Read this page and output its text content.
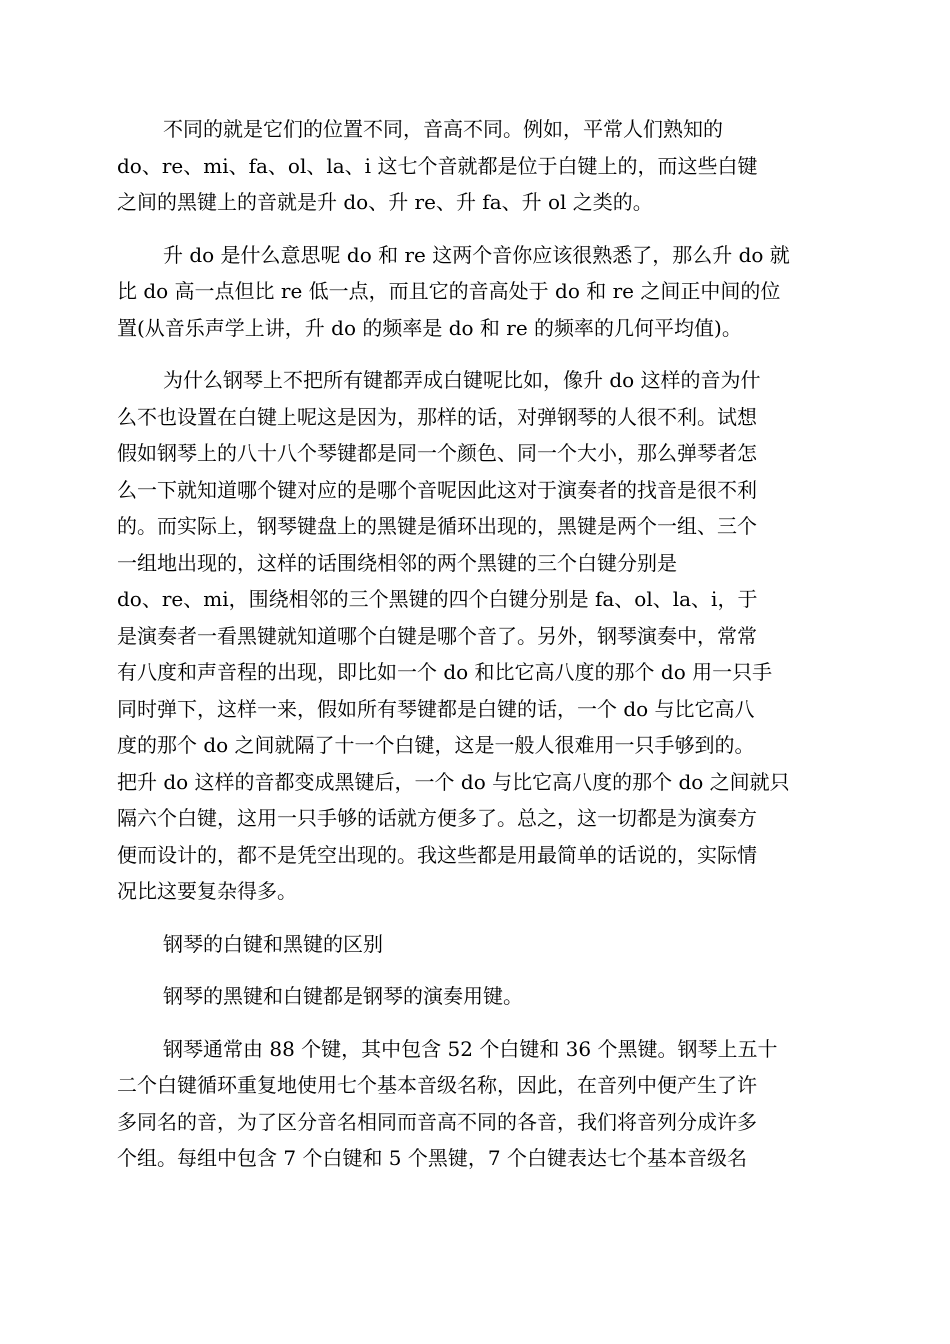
不同的就是它们的位置不同，音高不同。例如，平常人们熟知的
do、re、mi、fa、ol、la、i 这七个音就都是位于白键上的，而这些白键
之间的黑键上的音就是升 do、升 re、升 fa、升 ol 之类的。
升 do 是什么意思呢 do 和 re 这两个音你应该很熟悉了，那么升 do 就
比 do 高一点但比 re 低一点，而且它的音高处于 do 和 re 之间正中间的位
置(从音乐声学上讲，升 do 的频率是 do 和 re 的频率的几何平均值)。
为什么钢琴上不把所有键都弄成白键呢比如，像升 do 这样的音为什
么不也设置在白键上呢这是因为，那样的话，对弹钢琴的人很不利。试想
假如钢琴上的八十八个琴键都是同一个颜色、同一个大小，那么弹琴者怎
么一下就知道哪个键对应的是哪个音呢因此这对于演奏者的找音是很不利
的。而实际上，钢琴键盘上的黑键是循环出现的，黑键是两个一组、三个
一组地出现的，这样的话围绕相邻的两个黑键的三个白键分别是
do、re、mi，围绕相邻的三个黑键的四个白键分别是 fa、ol、la、i，于
是演奏者一看黑键就知道哪个白键是哪个音了。另外，钢琴演奏中，常常
有八度和声音程的出现，即比如一个 do 和比它高八度的那个 do 用一只手
同时弹下，这样一来，假如所有琴键都是白键的话，一个 do 与比它高八
度的那个 do 之间就隔了十一个白键，这是一般人很难用一只手够到的。
把升 do 这样的音都变成黑键后，一个 do 与比它高八度的那个 do 之间就只
隔六个白键，这用一只手够的话就方便多了。总之，这一切都是为演奏方
便而设计的，都不是凭空出现的。我这些都是用最简单的话说的，实际情
况比这要复杂得多。
钢琴的白键和黑键的区别
钢琴的黑键和白键都是钢琴的演奏用键。
钢琴通常由 88 个键，其中包含 52 个白键和 36 个黑键。钢琴上五十
二个白键循环重复地使用七个基本音级名称，因此，在音列中便产生了许
多同名的音，为了区分音名相同而音高不同的各音，我们将音列分成许多
个组。每组中包含 7 个白键和 5 个黑键，7 个白键表达七个基本音级名
